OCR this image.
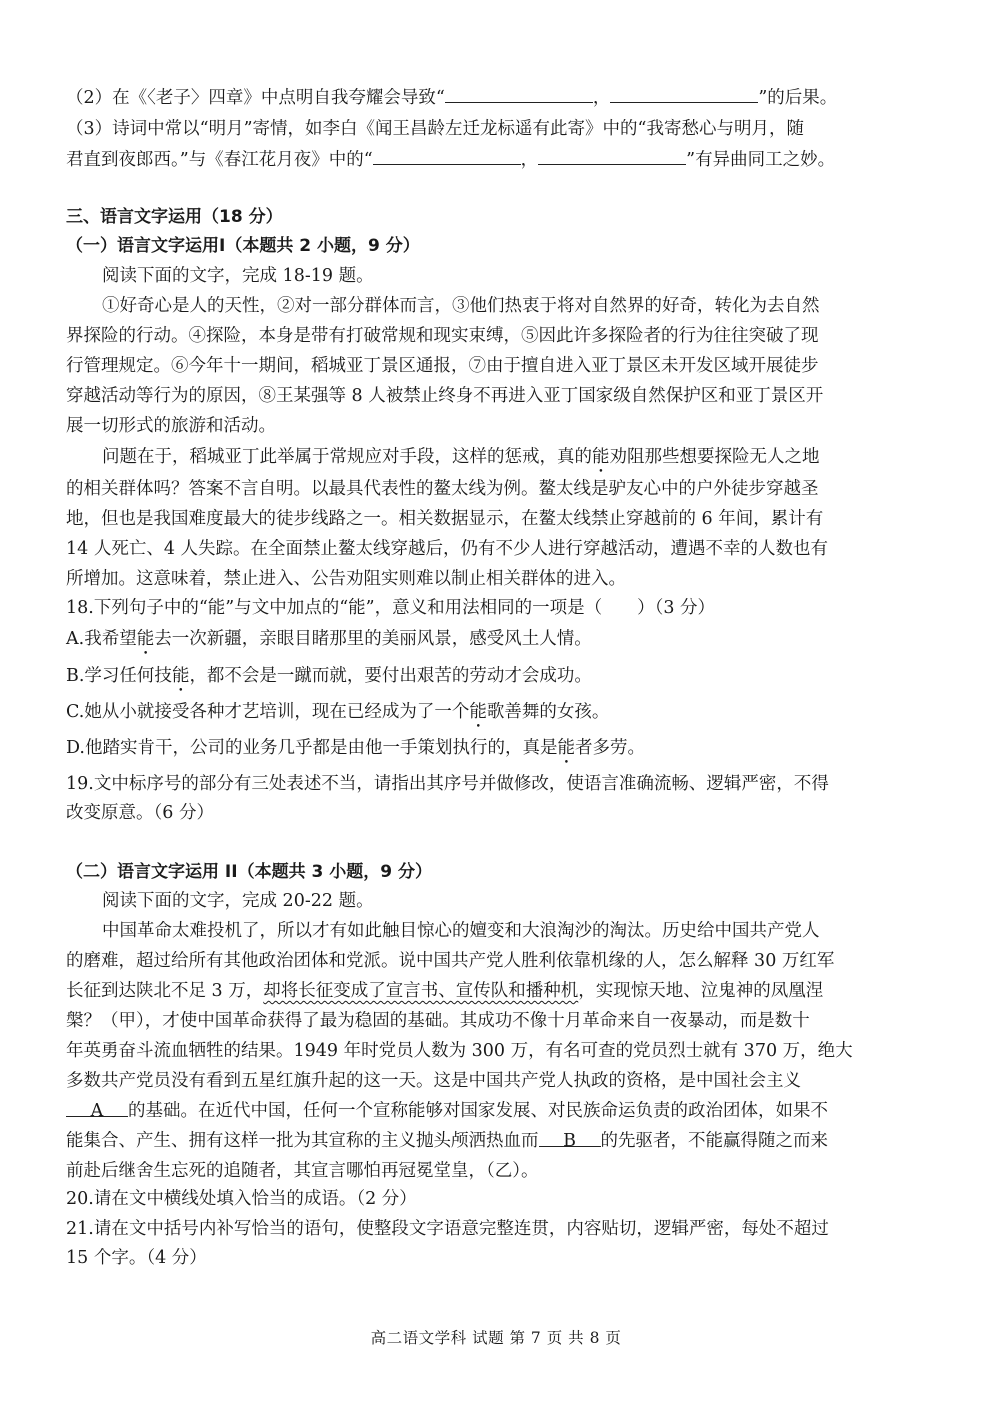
（2）在《〈老子〉四章》中点明自我夸耀会导致“	，	”的后果。
（3）诗词中常以“明月”寄情，如李白《闻王昌龄左迁龙标遥有此寄》中的“我寄愁心与明月，随
君直到夜郎西。”与《春江花月夜》中的“	，	”有异曲同工之妙。
三、语言文字运用（18 分）
（一）语言文字运用Ⅰ（本题共 2 小题，9 分）
阅读下面的文字，完成 18-19 题。
①好奇心是人的天性，②对一部分群体而言，③他们热衷于将对自然界的好奇，转化为去自然
界探险的行动。④探险，本身是带有打破常规和现实束缚，⑤因此许多探险者的行为往往突破了现
行管理规定。⑥今年十一期间，稻城亚丁景区通报，⑦由于擅自进入亚丁景区未开发区域开展徒步
穿越活动等行为的原因，⑧王某强等 8 人被禁止终身不再进入亚丁国家级自然保护区和亚丁景区开
展一切形式的旅游和活动。
问题在于，稻城亚丁此举属于常规应对手段，这样的惩戒，真的能劝阻那些想要探险无人之地
的相关群体吗？答案不言自明。以最具代表性的鳌太线为例。鳌太线是驴友心中的户外徒步穿越圣
地，但也是我国难度最大的徒步线路之一。相关数据显示，在鳌太线禁止穿越前的 6 年间，累计有
14 人死亡、4 人失踪。在全面禁止鳌太线穿越后，仍有不少人进行穿越活动，遭遇不幸的人数也有
所增加。这意味着，禁止进入、公告劝阻实则难以制止相关群体的进入。
18.下列句子中的“能”与文中加点的“能”，意义和用法相同的一项是（　　）（3 分）
A.我希望能去一次新疆，亲眼目睹那里的美丽风景，感受风土人情。
B.学习任何技能，都不会是一蹴而就，要付出艰苦的劳动才会成功。
C.她从小就接受各种才艺培训，现在已经成为了一个能歌善舞的女孩。
D.他踏实肯干，公司的业务几乎都是由他一手策划执行的，真是能者多劳。
19.文中标序号的部分有三处表述不当，请指出其序号并做修改，使语言准确流畅、逻辑严密，不得
改变原意。（6 分）
（二）语言文字运用 II（本题共 3 小题，9 分）
阅读下面的文字，完成 20-22 题。
中国革命太难投机了，所以才有如此触目惊心的嬗变和大浪淘沙的淘汰。历史给中国共产党人
的磨难，超过给所有其他政治团体和党派。说中国共产党人胜利依靠机缘的人，怎么解释 30 万红军
长征到达陕北不足 3 万，却将长征变成了宣言书、宣传队和播种机，实现惊天地、泣鬼神的凤凰涅
槃？（甲），才使中国革命获得了最为稳固的基础。其成功不像十月革命来自一夜暴动，而是数十
年英勇奋斗流血牺牲的结果。1949 年时党员人数为 300 万，有名可查的党员烈士就有 370 万，绝大
多数共产党员没有看到五星红旗升起的这一天。这是中国共产党人执政的资格，是中国社会主义
A 的基础。在近代中国，任何一个宣称能够对国家发展、对民族命运负责的政治团体，如果不
能集合、产生、拥有这样一批为其宣称的主义抛头颅洒热血而 B 的先驱者，不能赢得随之而来
前赴后继舍生忘死的追随者，其宣言哪怕再冠冕堂皇，（乙）。
20.请在文中横线处填入恰当的成语。（2 分）
21.请在文中括号内补写恰当的语句，使整段文字语意完整连贯，内容贴切，逻辑严密，每处不超过
15 个字。（4 分）
高二语文学科 试题 第 7 页 共 8 页
